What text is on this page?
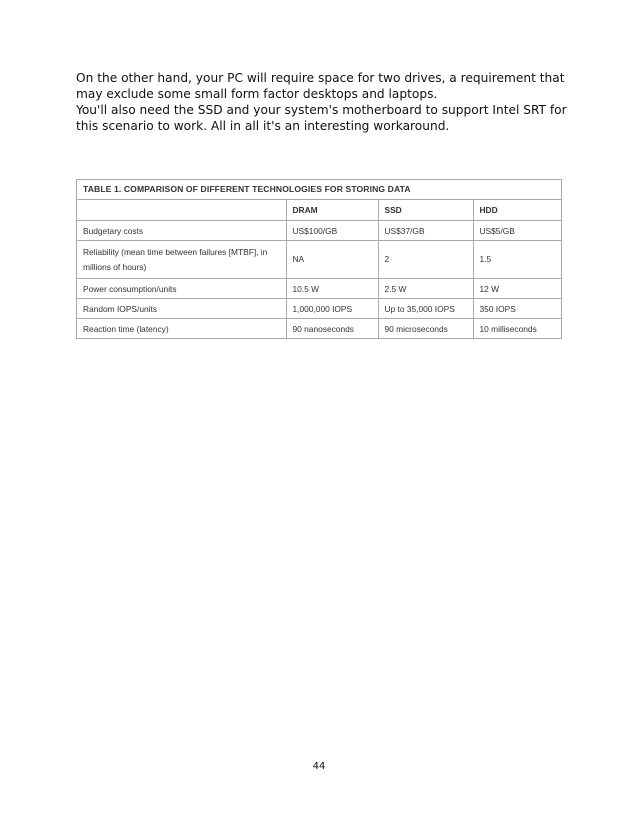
On the other hand, your PC will require space for two drives, a requirement that may exclude some small form factor desktops and laptops.

You'll also need the SSD and your system's motherboard to support Intel SRT for this scenario to work. All in all it's an interesting workaround.

TABLE 1. COMPARISON OF DIFFERENT TECHNOLOGIES FOR STORING DATA
	DRAM	SSD	HDD
Budgetary costs	US$100/GB	US$37/GB	US$5/GB
Reliability (mean time between failures [MTBF], in millions of hours)	NA	2	1.5
Power consumption/units	10.5 W	2.5 W	12 W
Random IOPS/units	1,000,000 IOPS	Up to 35,000 IOPS	350 IOPS
Reaction time (latency)	90 nanoseconds	90 microseconds	10 milliseconds
44
